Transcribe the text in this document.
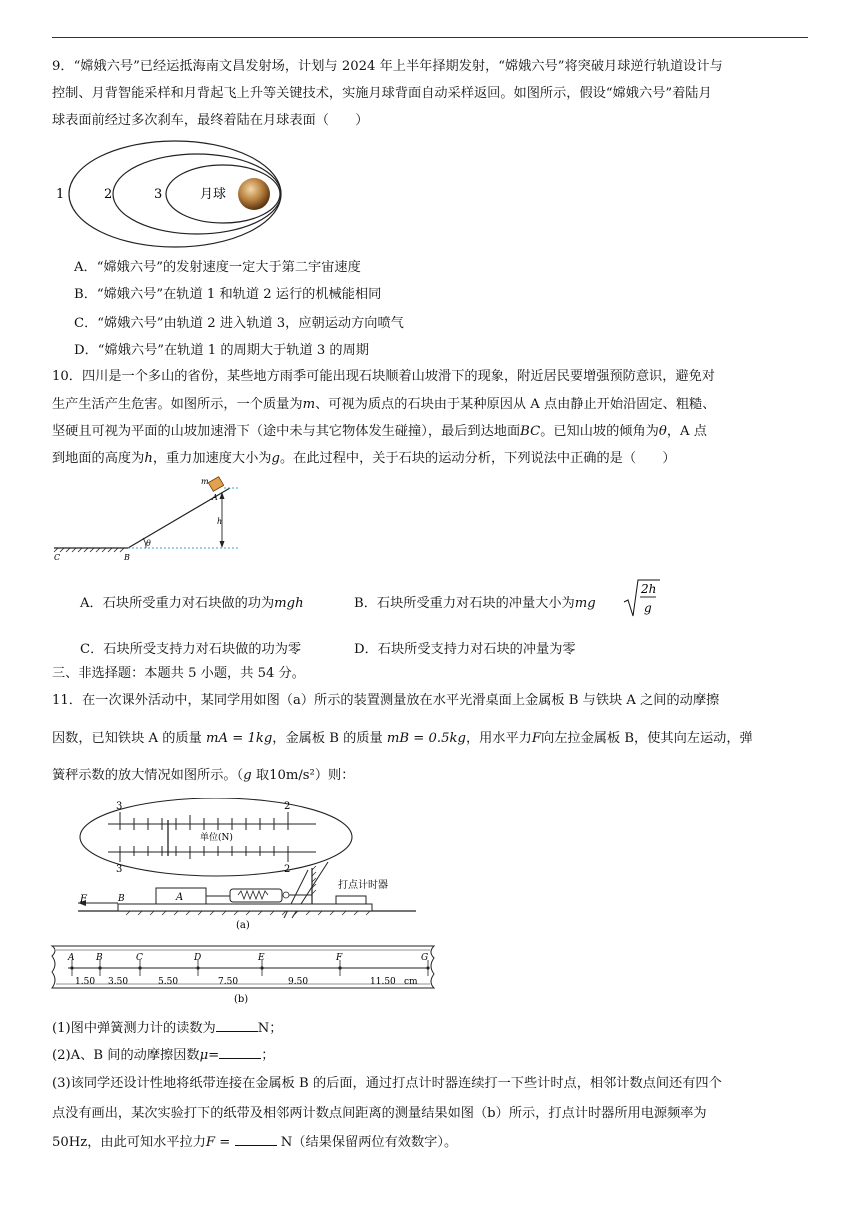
9．“嫦娥六号”已经运抵海南文昌发射场，计划与 2024 年上半年择期发射，“嫦娥六号”将突破月球逆行轨道设计与
控制、月背智能采样和月背起飞上升等关键技术，实施月球背面自动采样返回。如图所示，假设“嫦娥六号”着陆月
球表面前经过多次刹车，最终着陆在月球表面（　　）
1	2	3	月球
A．“嫦娥六号”的发射速度一定大于第二宇宙速度
B．“嫦娥六号”在轨道 1 和轨道 2 运行的机械能相同
C．“嫦娥六号”由轨道 2 进入轨道 3，应朝运动方向喷气
D．“嫦娥六号”在轨道 1 的周期大于轨道 3 的周期
10．四川是一个多山的省份，某些地方雨季可能出现石块顺着山坡滑下的现象，附近居民要增强预防意识，避免对
生产生活产生危害。如图所示，一个质量为m、可视为质点的石块由于某种原因从 A 点由静止开始沿固定、粗糙、
坚硬且可视为平面的山坡加速滑下（途中未与其它物体发生碰撞），最后到达地面BC。已知山坡的倾角为θ，A 点
到地面的高度为h，重力加速度大小为g。在此过程中，关于石块的运动分析，下列说法中正确的是（　　）
m
A
h
θ
B
C
A．石块所受重力对石块做的功为mgh	B．石块所受重力对石块的冲量大小为mg
2h
g
C．石块所受支持力对石块做的功为零	D．石块所受支持力对石块的冲量为零
三、非选择题：本题共 5 小题，共 54 分。
11．在一次课外活动中，某同学用如图（a）所示的装置测量放在水平光滑桌面上金属板 B 与铁块 A 之间的动摩擦
因数，已知铁块 A 的质量 mA = 1kg，金属板 B 的质量 mB = 0.5kg，用水平力F向左拉金属板 B，使其向左运动，弹
簧秤示数的放大情况如图所示。（g 取10m/s²）则：
3	2
3	2
单位(N)
F	B	A
打点计时器
(a)
A B	C	D	E	F	G
1.50 3.50	5.50	7.50	9.50	11.50 cm
(b)
(1)图中弹簧测力计的读数为	N；
(2)A、B 间的动摩擦因数μ=	；
(3)该同学还设计性地将纸带连接在金属板 B 的后面，通过打点计时器连续打一下些计时点，相邻计数点间还有四个
点没有画出，某次实验打下的纸带及相邻两计数点间距离的测量结果如图（b）所示，打点计时器所用电源频率为
50Hz，由此可知水平拉力F =	N（结果保留两位有效数字）。
